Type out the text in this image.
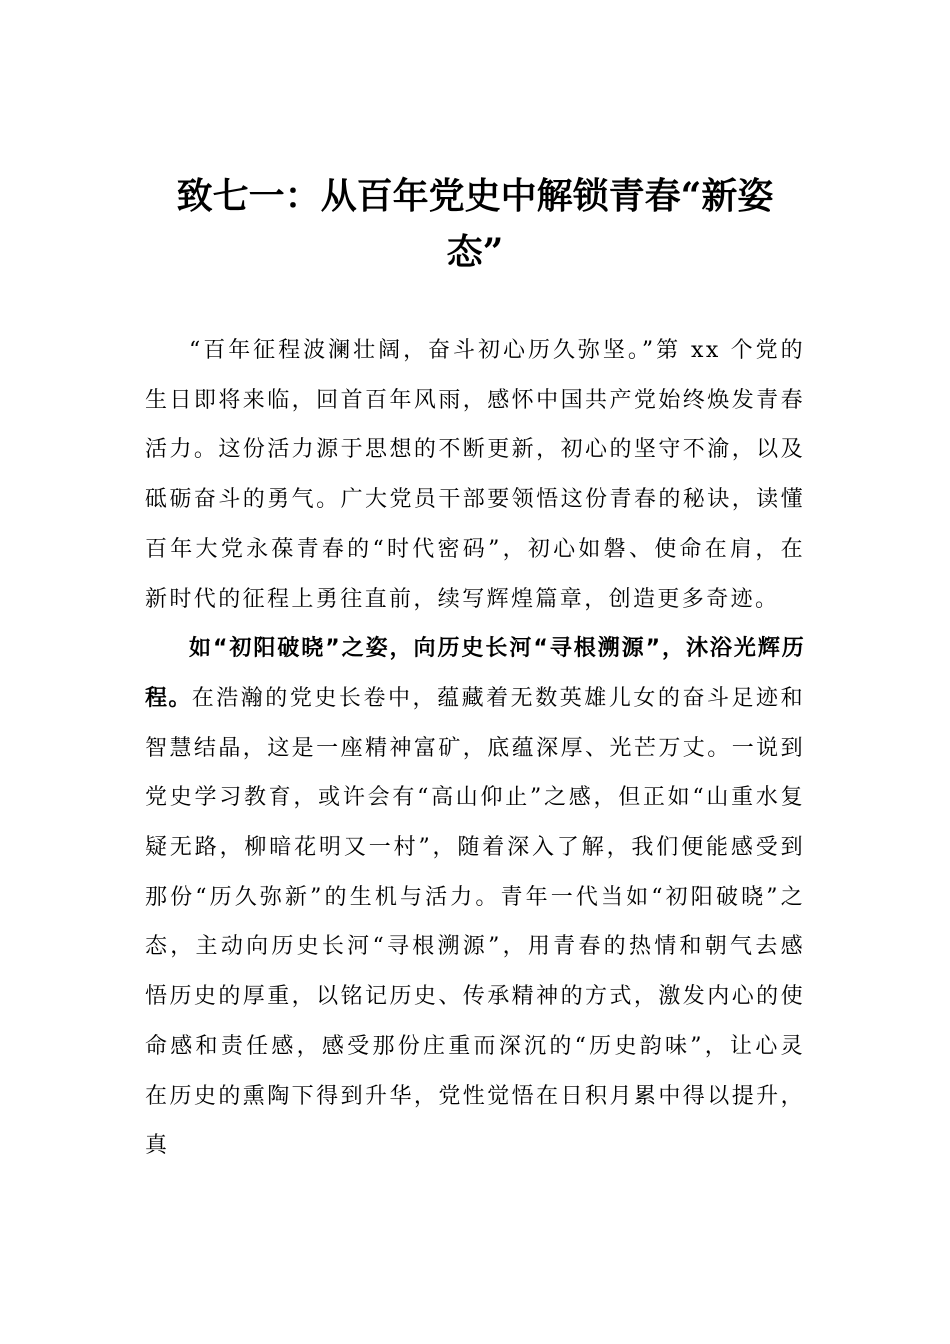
致七一：从百年党史中解锁青春“新姿态”

“百年征程波澜壮阔，奋斗初心历久弥坚。”第 xx 个党的生日即将来临，回首百年风雨，感怀中国共产党始终焕发青春活力。这份活力源于思想的不断更新，初心的坚守不渝，以及砥砺奋斗的勇气。广大党员干部要领悟这份青春的秘诀，读懂百年大党永葆青春的“时代密码”，初心如磐、使命在肩，在新时代的征程上勇往直前，续写辉煌篇章，创造更多奇迹。

如“初阳破晓”之姿，向历史长河“寻根溯源”，沐浴光辉历程。在浩瀚的党史长卷中，蕴藏着无数英雄儿女的奋斗足迹和智慧结晶，这是一座精神富矿，底蕴深厚、光芒万丈。一说到党史学习教育，或许会有“高山仰止”之感，但正如“山重水复疑无路，柳暗花明又一村”，随着深入了解，我们便能感受到那份“历久弥新”的生机与活力。青年一代当如“初阳破晓”之态，主动向历史长河“寻根溯源”，用青春的热情和朝气去感悟历史的厚重，以铭记历史、传承精神的方式，激发内心的使命感和责任感，感受那份庄重而深沉的“历史韵味”，让心灵在历史的熏陶下得到升华，党性觉悟在日积月累中得以提升，真
